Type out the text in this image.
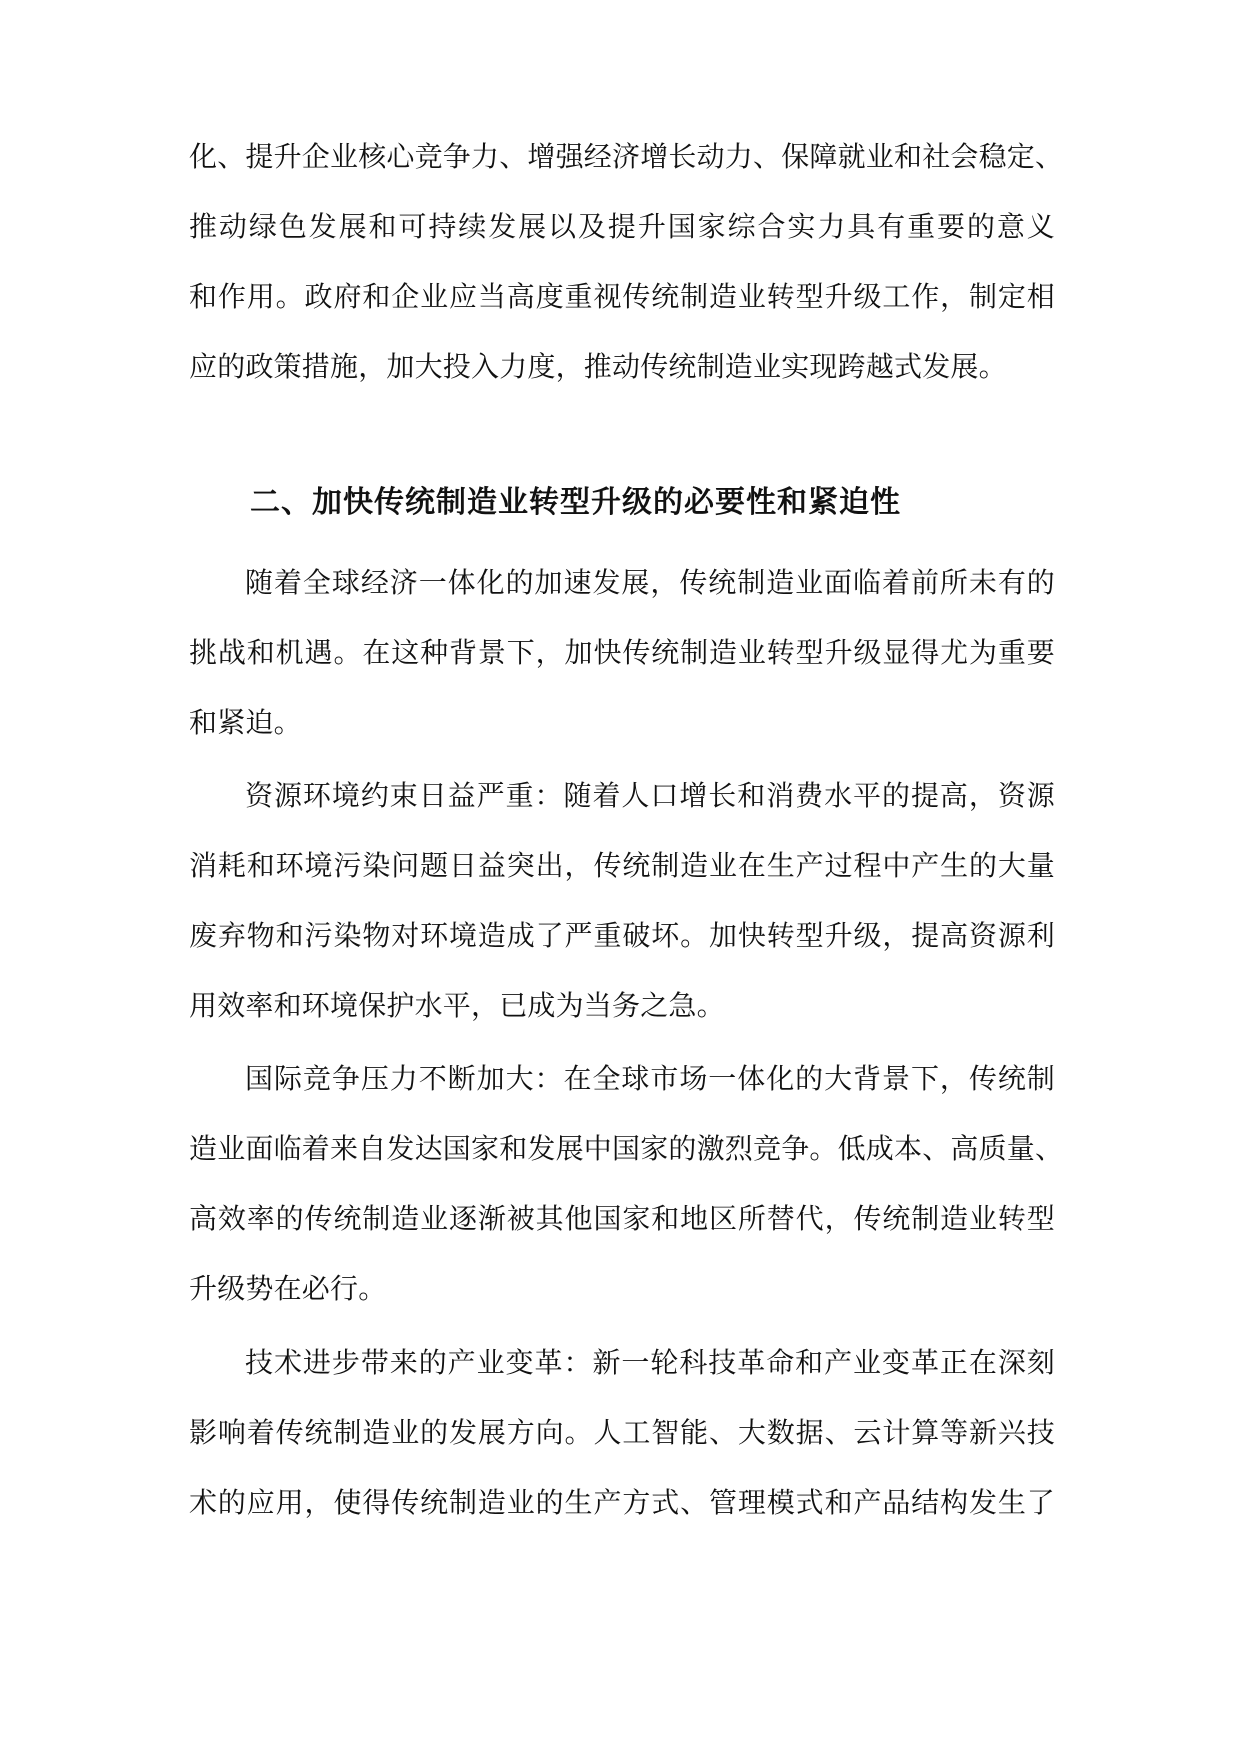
化、提升企业核心竞争力、增强经济增长动力、保障就业和社会稳定、
推动绿色发展和可持续发展以及提升国家综合实力具有重要的意义
和作用。政府和企业应当高度重视传统制造业转型升级工作，制定相
应的政策措施，加大投入力度，推动传统制造业实现跨越式发展。
二、加快传统制造业转型升级的必要性和紧迫性
随着全球经济一体化的加速发展，传统制造业面临着前所未有的
挑战和机遇。在这种背景下，加快传统制造业转型升级显得尤为重要
和紧迫。
资源环境约束日益严重：随着人口增长和消费水平的提高，资源
消耗和环境污染问题日益突出，传统制造业在生产过程中产生的大量
废弃物和污染物对环境造成了严重破坏。加快转型升级，提高资源利
用效率和环境保护水平，已成为当务之急。
国际竞争压力不断加大：在全球市场一体化的大背景下，传统制
造业面临着来自发达国家和发展中国家的激烈竞争。低成本、高质量、
高效率的传统制造业逐渐被其他国家和地区所替代，传统制造业转型
升级势在必行。
技术进步带来的产业变革：新一轮科技革命和产业变革正在深刻
影响着传统制造业的发展方向。人工智能、大数据、云计算等新兴技
术的应用，使得传统制造业的生产方式、管理模式和产品结构发生了
